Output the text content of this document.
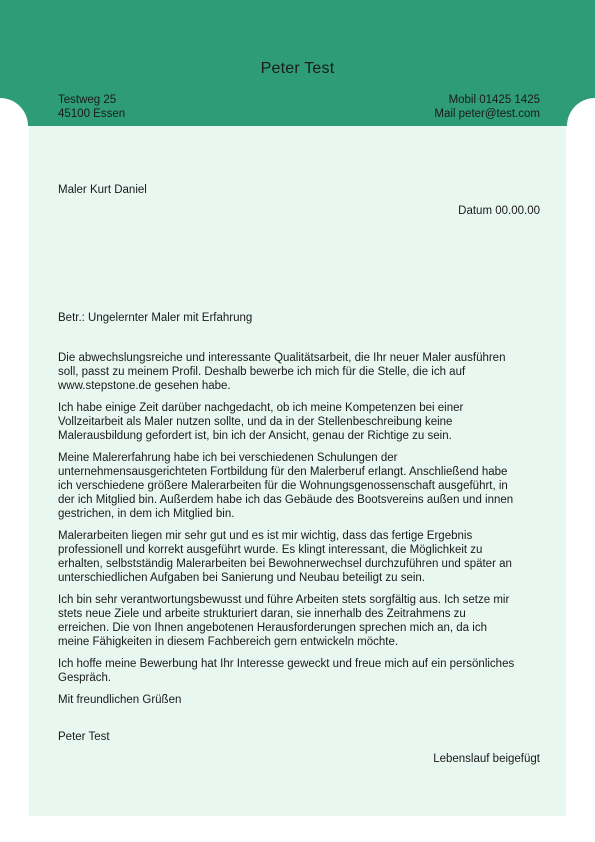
Peter Test
Testweg 25
45100 Essen
Mobil 01425 1425
Mail peter@test.com
Maler Kurt Daniel
Datum 00.00.00
Betr.: Ungelernter Maler mit Erfahrung

Die abwechslungsreiche und interessante Qualitätsarbeit, die Ihr neuer Maler ausführen
soll, passt zu meinem Profil. Deshalb bewerbe ich mich für die Stelle, die ich auf
www.stepstone.de gesehen habe.

Ich habe einige Zeit darüber nachgedacht, ob ich meine Kompetenzen bei einer
Vollzeitarbeit als Maler nutzen sollte, und da in der Stellenbeschreibung keine
Malerausbildung gefordert ist, bin ich der Ansicht, genau der Richtige zu sein.

Meine Malererfahrung habe ich bei verschiedenen Schulungen der
unternehmensausgerichteten Fortbildung für den Malerberuf erlangt. Anschließend habe
ich verschiedene größere Malerarbeiten für die Wohnungsgenossenschaft ausgeführt, in
der ich Mitglied bin. Außerdem habe ich das Gebäude des Bootsvereins außen und innen
gestrichen, in dem ich Mitglied bin.

Malerarbeiten liegen mir sehr gut und es ist mir wichtig, dass das fertige Ergebnis
professionell und korrekt ausgeführt wurde. Es klingt interessant, die Möglichkeit zu
erhalten, selbstständig Malerarbeiten bei Bewohnerwechsel durchzuführen und später an
unterschiedlichen Aufgaben bei Sanierung und Neubau beteiligt zu sein.

Ich bin sehr verantwortungsbewusst und führe Arbeiten stets sorgfältig aus. Ich setze mir
stets neue Ziele und arbeite strukturiert daran, sie innerhalb des Zeitrahmens zu
erreichen. Die von Ihnen angebotenen Herausforderungen sprechen mich an, da ich
meine Fähigkeiten in diesem Fachbereich gern entwickeln möchte.

Ich hoffe meine Bewerbung hat Ihr Interesse geweckt und freue mich auf ein persönliches
Gespräch.

Mit freundlichen Grüßen

Peter Test
Lebenslauf beigefügt
